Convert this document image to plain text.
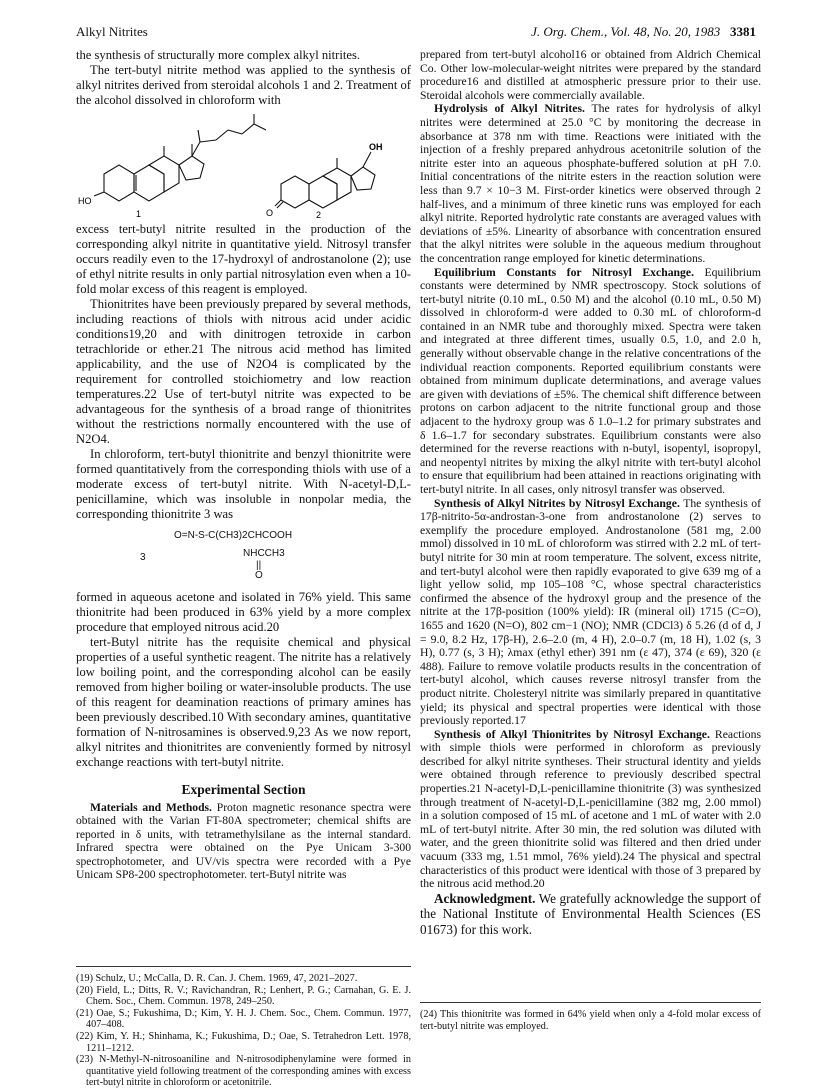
Alkyl Nitrites	J. Org. Chem., Vol. 48, No. 20, 1983 3381

the synthesis of structurally more complex alkyl nitrites.

The tert-butyl nitrite method was applied to the synthesis of alkyl nitrites derived from steroidal alcohols 1 and 2. Treatment of the alcohol dissolved in chloroform with

HO
OH
O
1	2

excess tert-butyl nitrite resulted in the production of the corresponding alkyl nitrite in quantitative yield. Nitrosyl transfer occurs readily even to the 17-hydroxyl of androstanolone (2); use of ethyl nitrite results in only partial nitrosylation even when a 10-fold molar excess of this reagent is employed.

Thionitrites have been previously prepared by several methods, including reactions of thiols with nitrous acid under acidic conditions19,20 and with dinitrogen tetroxide in carbon tetrachloride or ether.21 The nitrous acid method has limited applicability, and the use of N2O4 is complicated by the requirement for controlled stoichiometry and low reaction temperatures.22 Use of tert-butyl nitrite was expected to be advantageous for the synthesis of a broad range of thionitrites without the restrictions normally encountered with the use of N2O4.

In chloroform, tert-butyl thionitrite and benzyl thionitrite were formed quantitatively from the corresponding thiols with use of a moderate excess of tert-butyl nitrite. With N-acetyl-D,L-penicillamine, which was insoluble in nonpolar media, the corresponding thionitrite 3 was

O=N-S-C(CH3)2CHCOOH
3	NHCCH3
||
O

formed in aqueous acetone and isolated in 76% yield. This same thionitrite had been produced in 63% yield by a more complex procedure that employed nitrous acid.20

tert-Butyl nitrite has the requisite chemical and physical properties of a useful synthetic reagent. The nitrite has a relatively low boiling point, and the corresponding alcohol can be easily removed from higher boiling or water-insoluble products. The use of this reagent for deamination reactions of primary amines has been previously described.10 With secondary amines, quantitative formation of N-nitrosamines is observed.9,23 As we now report, alkyl nitrites and thionitrites are conveniently formed by nitrosyl exchange reactions with tert-butyl nitrite.

Experimental Section

Materials and Methods. Proton magnetic resonance spectra were obtained with the Varian FT-80A spectrometer; chemical shifts are reported in δ units, with tetramethylsilane as the internal standard. Infrared spectra were obtained on the Pye Unicam 3-300 spectrophotometer, and UV/vis spectra were recorded with a Pye Unicam SP8-200 spectrophotometer. tert-Butyl nitrite was

(19) Schulz, U.; McCalla, D. R. Can. J. Chem. 1969, 47, 2021–2027.

(20) Field, L.; Ditts, R. V.; Ravichandran, R.; Lenhert, P. G.; Carnahan, G. E. J. Chem. Soc., Chem. Commun. 1978, 249–250.

(21) Oae, S.; Fukushima, D.; Kim, Y. H. J. Chem. Soc., Chem. Commun. 1977, 407–408.

(22) Kim, Y. H.; Shinhama, K.; Fukushima, D.; Oae, S. Tetrahedron Lett. 1978, 1211–1212.

(23) N-Methyl-N-nitrosoaniline and N-nitrosodiphenylamine were formed in quantitative yield following treatment of the corresponding amines with excess tert-butyl nitrite in chloroform or acetonitrile.

prepared from tert-butyl alcohol16 or obtained from Aldrich Chemical Co. Other low-molecular-weight nitrites were prepared by the standard procedure16 and distilled at atmospheric pressure prior to their use. Steroidal alcohols were commercially available.

Hydrolysis of Alkyl Nitrites. The rates for hydrolysis of alkyl nitrites were determined at 25.0 °C by monitoring the decrease in absorbance at 378 nm with time. Reactions were initiated with the injection of a freshly prepared anhydrous acetonitrile solution of the nitrite ester into an aqueous phosphate-buffered solution at pH 7.0. Initial concentrations of the nitrite esters in the reaction solution were less than 9.7 × 10−3 M. First-order kinetics were observed through 2 half-lives, and a minimum of three kinetic runs was employed for each alkyl nitrite. Reported hydrolytic rate constants are averaged values with deviations of ±5%. Linearity of absorbance with concentration ensured that the alkyl nitrites were soluble in the aqueous medium throughout the concentration range employed for kinetic determinations.

Equilibrium Constants for Nitrosyl Exchange. Equilibrium constants were determined by NMR spectroscopy. Stock solutions of tert-butyl nitrite (0.10 mL, 0.50 M) and the alcohol (0.10 mL, 0.50 M) dissolved in chloroform-d were added to 0.30 mL of chloroform-d contained in an NMR tube and thoroughly mixed. Spectra were taken and integrated at three different times, usually 0.5, 1.0, and 2.0 h, generally without observable change in the relative concentrations of the individual reaction components. Reported equilibrium constants were obtained from minimum duplicate determinations, and average values are given with deviations of ±5%. The chemical shift difference between protons on carbon adjacent to the nitrite functional group and those adjacent to the hydroxy group was δ 1.0–1.2 for primary substrates and δ 1.6–1.7 for secondary substrates. Equilibrium constants were also determined for the reverse reactions with n-butyl, isopentyl, isopropyl, and neopentyl nitrites by mixing the alkyl nitrite with tert-butyl alcohol to ensure that equilibrium had been attained in reactions originating with tert-butyl nitrite. In all cases, only nitrosyl transfer was observed.

Synthesis of Alkyl Nitrites by Nitrosyl Exchange. The synthesis of 17β-nitrito-5α-androstan-3-one from androstanolone (2) serves to exemplify the procedure employed. Androstanolone (581 mg, 2.00 mmol) dissolved in 10 mL of chloroform was stirred with 2.2 mL of tert-butyl nitrite for 30 min at room temperature. The solvent, excess nitrite, and tert-butyl alcohol were then rapidly evaporated to give 639 mg of a light yellow solid, mp 105–108 °C, whose spectral characteristics confirmed the absence of the hydroxyl group and the presence of the nitrite at the 17β-position (100% yield): IR (mineral oil) 1715 (C=O), 1655 and 1620 (N=O), 802 cm−1 (NO); NMR (CDCl3) δ 5.26 (d of d, J = 9.0, 8.2 Hz, 17β-H), 2.6–2.0 (m, 4 H), 2.0–0.7 (m, 18 H), 1.02 (s, 3 H), 0.77 (s, 3 H); λmax (ethyl ether) 391 nm (ε 47), 374 (ε 69), 320 (ε 488). Failure to remove volatile products results in the concentration of tert-butyl alcohol, which causes reverse nitrosyl transfer from the product nitrite. Cholesteryl nitrite was similarly prepared in quantitative yield; its physical and spectral properties were identical with those previously reported.17

Synthesis of Alkyl Thionitrites by Nitrosyl Exchange. Reactions with simple thiols were performed in chloroform as previously described for alkyl nitrite syntheses. Their structural identity and yields were obtained through reference to previously described spectral properties.21 N-acetyl-D,L-penicillamine thionitrite (3) was synthesized through treatment of N-acetyl-D,L-penicillamine (382 mg, 2.00 mmol) in a solution composed of 15 mL of acetone and 1 mL of water with 2.0 mL of tert-butyl nitrite. After 30 min, the red solution was diluted with water, and the green thionitrite solid was filtered and then dried under vacuum (333 mg, 1.51 mmol, 76% yield).24 The physical and spectral characteristics of this product were identical with those of 3 prepared by the nitrous acid method.20

Acknowledgment. We gratefully acknowledge the support of the National Institute of Environmental Health Sciences (ES 01673) for this work.

(24) This thionitrite was formed in 64% yield when only a 4-fold molar excess of tert-butyl nitrite was employed.
